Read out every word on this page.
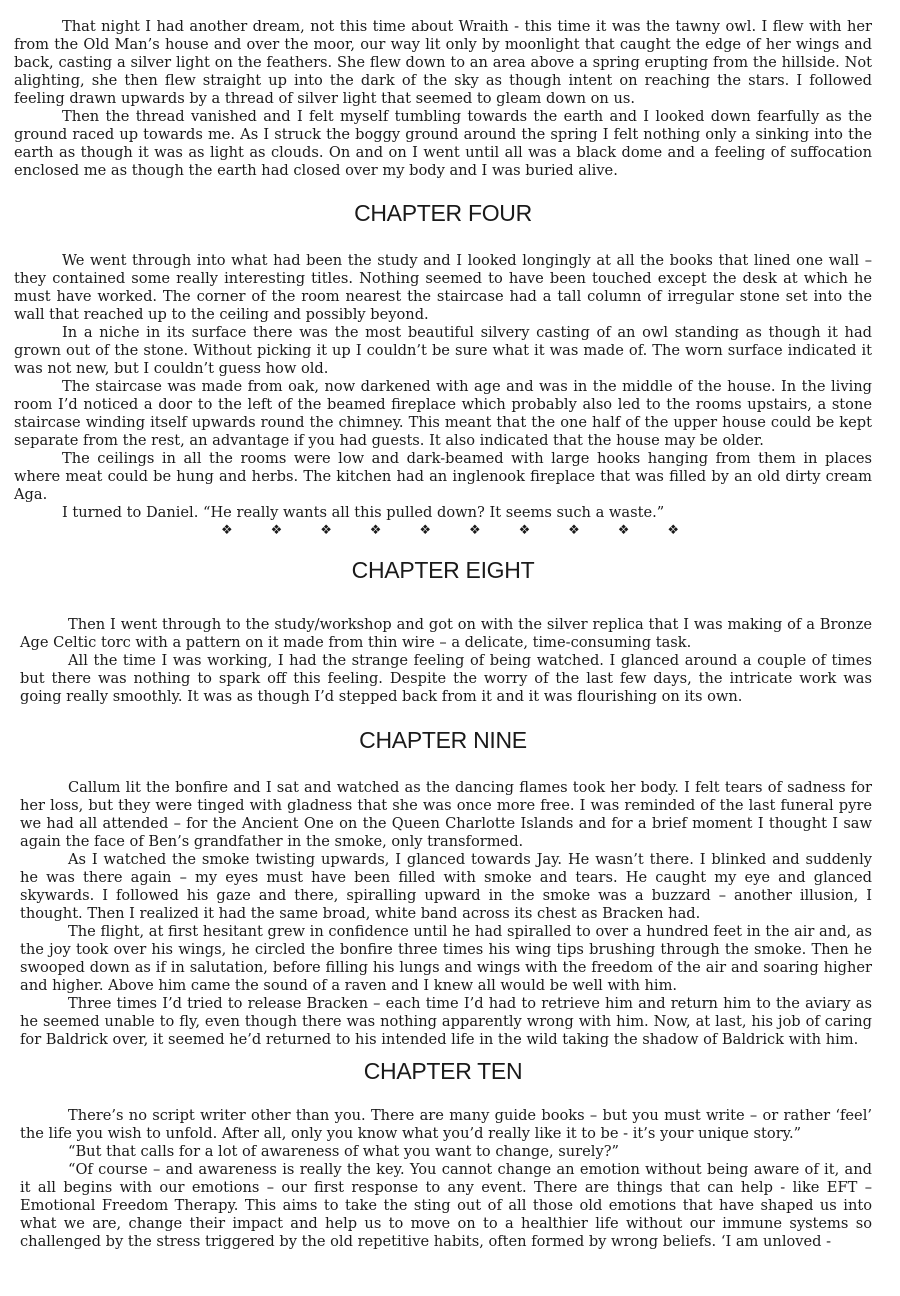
That night I had another dream, not this time about Wraith - this time it was the tawny owl. I flew with her from the Old Man’s house and over the moor, our way lit only by moonlight that caught the edge of her wings and back, casting a silver light on the feathers. She flew down to an area above a spring erupting from the hillside. Not alighting, she then flew straight up into the dark of the sky as though intent on reaching the stars. I followed feeling drawn upwards by a thread of silver light that seemed to gleam down on us.

Then the thread vanished and I felt myself tumbling towards the earth and I looked down fearfully as the ground raced up towards me. As I struck the boggy ground around the spring I felt nothing only a sinking into the earth as though it was as light as clouds. On and on I went until all was a black dome and a feeling of suffocation enclosed me as though the earth had closed over my body and I was buried alive.

CHAPTER FOUR

We went through into what had been the study and I looked longingly at all the books that lined one wall – they contained some really interesting titles. Nothing seemed to have been touched except the desk at which he must have worked. The corner of the room nearest the staircase had a tall column of irregular stone set into the wall that reached up to the ceiling and possibly beyond.

In a niche in its surface there was the most beautiful silvery casting of an owl standing as though it had grown out of the stone. Without picking it up I couldn’t be sure what it was made of. The worn surface indicated it was not new, but I couldn’t guess how old.

The staircase was made from oak, now darkened with age and was in the middle of the house. In the living room I’d noticed a door to the left of the beamed fireplace which probably also led to the rooms upstairs, a stone staircase winding itself upwards round the chimney. This meant that the one half of the upper house could be kept separate from the rest, an advantage if you had guests. It also indicated that the house may be older.

The ceilings in all the rooms were low and dark-beamed with large hooks hanging from them in places where meat could be hung and herbs. The kitchen had an inglenook fireplace that was filled by an old dirty cream Aga.

I turned to Daniel. “He really wants all this pulled down? It seems such a waste.”

❖	❖	❖	❖	❖	❖	❖	❖	❖	❖
CHAPTER EIGHT

Then I went through to the study/workshop and got on with the silver replica that I was making of a Bronze Age Celtic torc with a pattern on it made from thin wire – a delicate, time-consuming task.

All the time I was working, I had the strange feeling of being watched. I glanced around a couple of times but there was nothing to spark off this feeling. Despite the worry of the last few days, the intricate work was going really smoothly. It was as though I’d stepped back from it and it was flourishing on its own.

CHAPTER NINE

Callum lit the bonfire and I sat and watched as the dancing flames took her body. I felt tears of sadness for her loss, but they were tinged with gladness that she was once more free. I was reminded of the last funeral pyre we had all attended – for the Ancient One on the Queen Charlotte Islands and for a brief moment I thought I saw again the face of Ben’s grandfather in the smoke, only transformed.

As I watched the smoke twisting upwards, I glanced towards Jay. He wasn’t there. I blinked and suddenly he was there again – my eyes must have been filled with smoke and tears. He caught my eye and glanced skywards. I followed his gaze and there, spiralling upward in the smoke was a buzzard – another illusion, I thought. Then I realized it had the same broad, white band across its chest as Bracken had.

The flight, at first hesitant grew in confidence until he had spiralled to over a hundred feet in the air and, as the joy took over his wings, he circled the bonfire three times his wing tips brushing through the smoke. Then he swooped down as if in salutation, before filling his lungs and wings with the freedom of the air and soaring higher and higher. Above him came the sound of a raven and I knew all would be well with him.

Three times I’d tried to release Bracken – each time I’d had to retrieve him and return him to the aviary as he seemed unable to fly, even though there was nothing apparently wrong with him. Now, at last, his job of caring for Baldrick over, it seemed he’d returned to his intended life in the wild taking the shadow of Baldrick with him.

CHAPTER TEN

There’s no script writer other than you. There are many guide books – but you must write – or rather ‘feel’ the life you wish to unfold. After all, only you know what you’d really like it to be - it’s your unique story.”

“But that calls for a lot of awareness of what you want to change, surely?”

“Of course – and awareness is really the key. You cannot change an emotion without being aware of it, and it all begins with our emotions – our first response to any event. There are things that can help - like EFT – Emotional Freedom Therapy. This aims to take the sting out of all those old emotions that have shaped us into what we are, change their impact and help us to move on to a healthier life without our immune systems so challenged by the stress triggered by the old repetitive habits, often formed by wrong beliefs. ‘I am unloved -
